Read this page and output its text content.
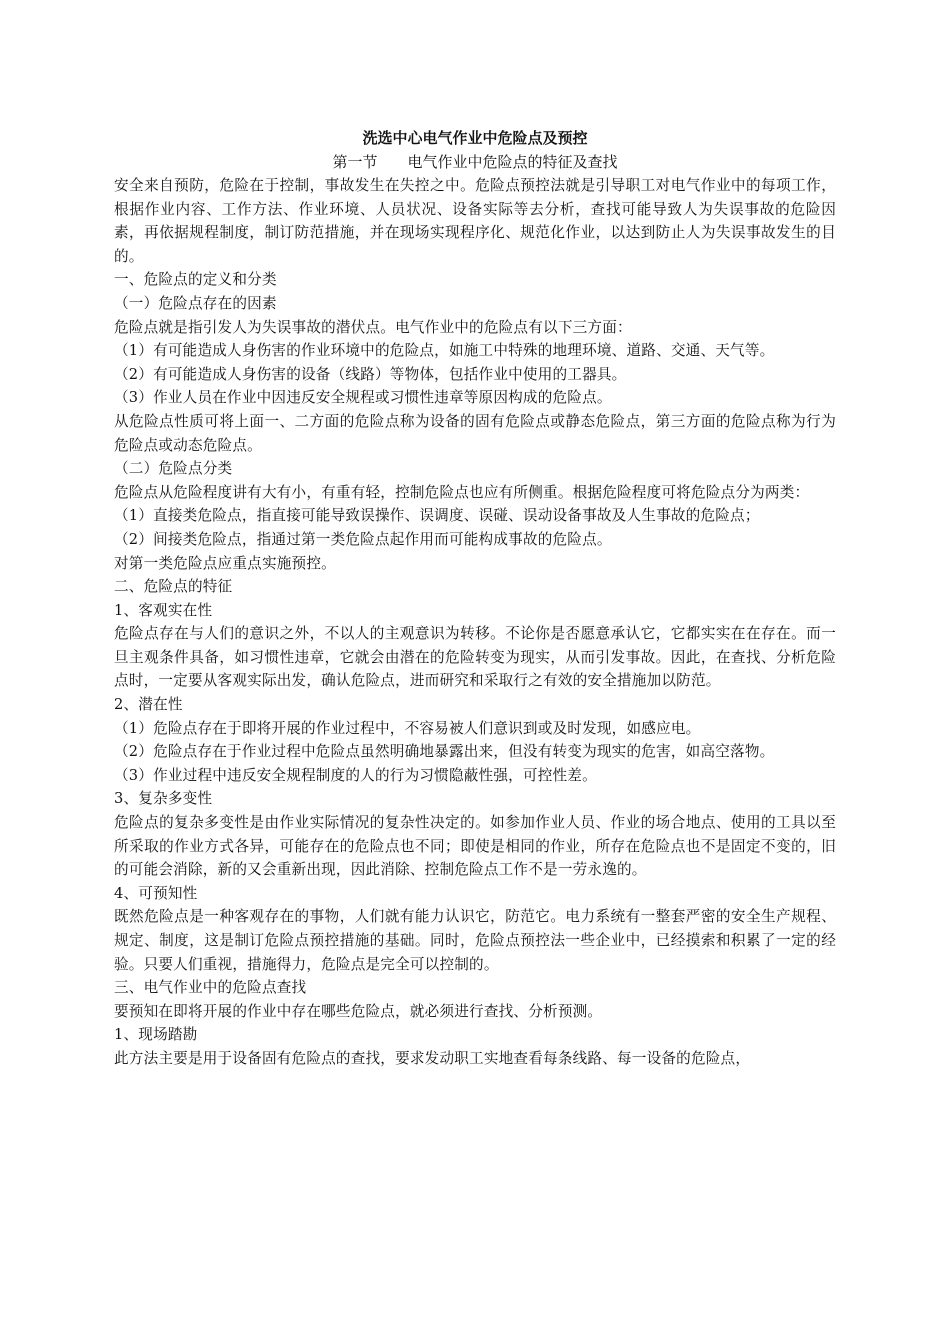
洗选中心电气作业中危险点及预控

第一节　　电气作业中危险点的特征及查找

安全来自预防，危险在于控制，事故发生在失控之中。危险点预控法就是引导职工对电气作业中的每项工作，根据作业内容、工作方法、作业环境、人员状况、设备实际等去分析，查找可能导致人为失误事故的危险因素，再依据规程制度，制订防范措施，并在现场实现程序化、规范化作业，以达到防止人为失误事故发生的目的。

一、危险点的定义和分类

（一）危险点存在的因素

危险点就是指引发人为失误事故的潜伏点。电气作业中的危险点有以下三方面：

（1）有可能造成人身伤害的作业环境中的危险点，如施工中特殊的地理环境、道路、交通、天气等。

（2）有可能造成人身伤害的设备（线路）等物体，包括作业中使用的工器具。

（3）作业人员在作业中因违反安全规程或习惯性违章等原因构成的危险点。

从危险点性质可将上面一、二方面的危险点称为设备的固有危险点或静态危险点，第三方面的危险点称为行为危险点或动态危险点。

（二）危险点分类

危险点从危险程度讲有大有小，有重有轻，控制危险点也应有所侧重。根据危险程度可将危险点分为两类：

（1）直接类危险点，指直接可能导致误操作、误调度、误碰、误动设备事故及人生事故的危险点；

（2）间接类危险点，指通过第一类危险点起作用而可能构成事故的危险点。

对第一类危险点应重点实施预控。

二、危险点的特征

1、客观实在性

危险点存在与人们的意识之外，不以人的主观意识为转移。不论你是否愿意承认它，它都实实在在存在。而一旦主观条件具备，如习惯性违章，它就会由潜在的危险转变为现实，从而引发事故。因此，在查找、分析危险点时，一定要从客观实际出发，确认危险点，进而研究和采取行之有效的安全措施加以防范。

2、潜在性

（1）危险点存在于即将开展的作业过程中，不容易被人们意识到或及时发现，如感应电。

（2）危险点存在于作业过程中危险点虽然明确地暴露出来，但没有转变为现实的危害，如高空落物。

（3）作业过程中违反安全规程制度的人的行为习惯隐蔽性强，可控性差。

3、复杂多变性

危险点的复杂多变性是由作业实际情况的复杂性决定的。如参加作业人员、作业的场合地点、使用的工具以至所采取的作业方式各异，可能存在的危险点也不同；即使是相同的作业，所存在危险点也不是固定不变的，旧的可能会消除，新的又会重新出现，因此消除、控制危险点工作不是一劳永逸的。

4、可预知性

既然危险点是一种客观存在的事物，人们就有能力认识它，防范它。电力系统有一整套严密的安全生产规程、规定、制度，这是制订危险点预控措施的基础。同时，危险点预控法一些企业中，已经摸索和积累了一定的经验。只要人们重视，措施得力，危险点是完全可以控制的。

三、电气作业中的危险点查找

要预知在即将开展的作业中存在哪些危险点，就必须进行查找、分析预测。

1、现场踏勘

此方法主要是用于设备固有危险点的查找，要求发动职工实地查看每条线路、每一设备的危险点，
